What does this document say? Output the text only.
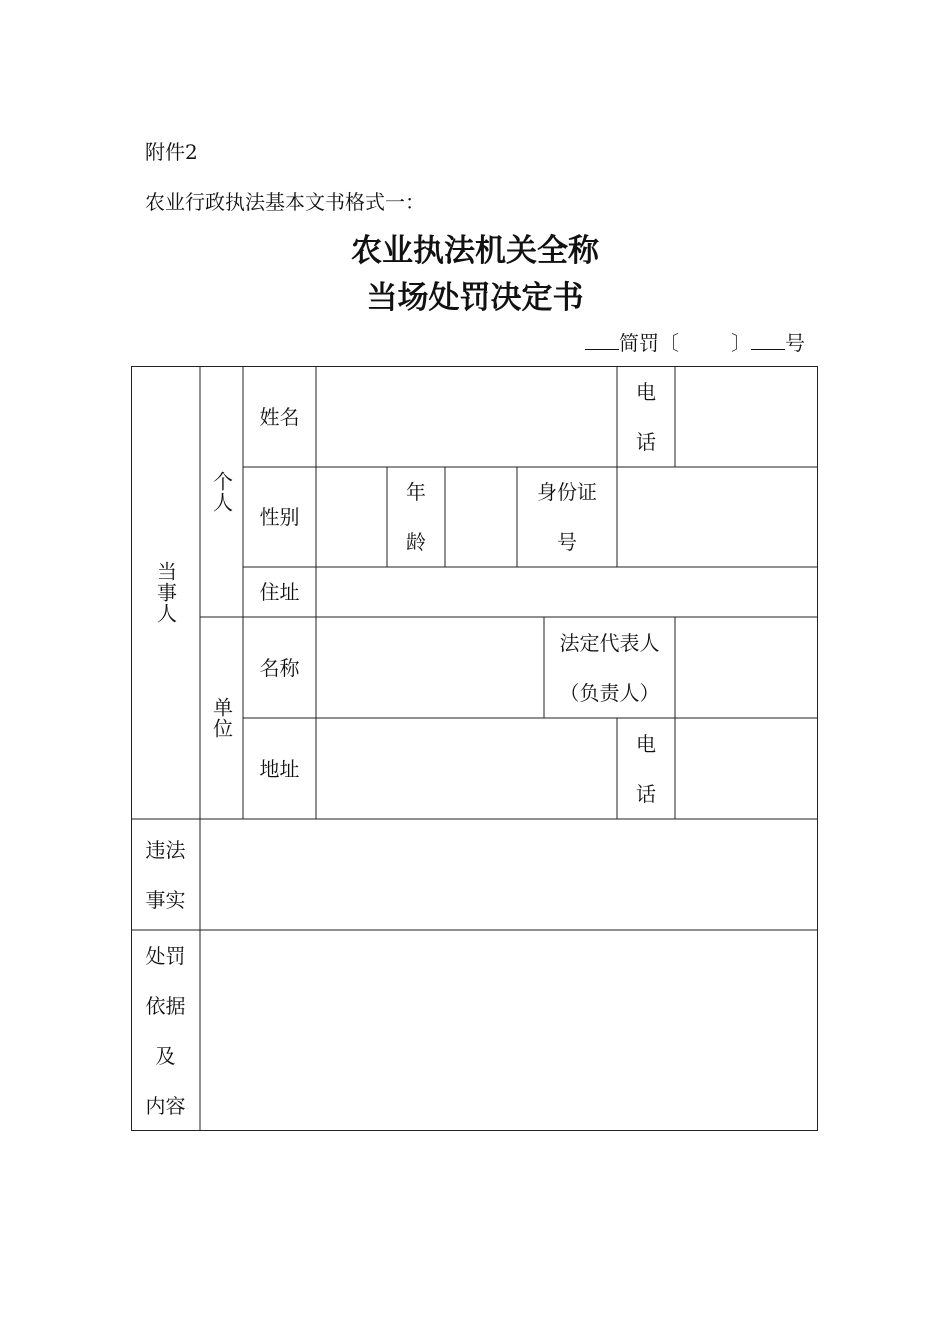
附件2
农业行政执法基本文书格式一：
农业执法机关全称
当场处罚决定书
简罚〔	〕 号
当事人
个人
单位
姓名
电话
性别
年龄
身份证号
住址
名称
法定代表人
（负责人）
地址
电话
违法事实
处罚
依据
及
内容
